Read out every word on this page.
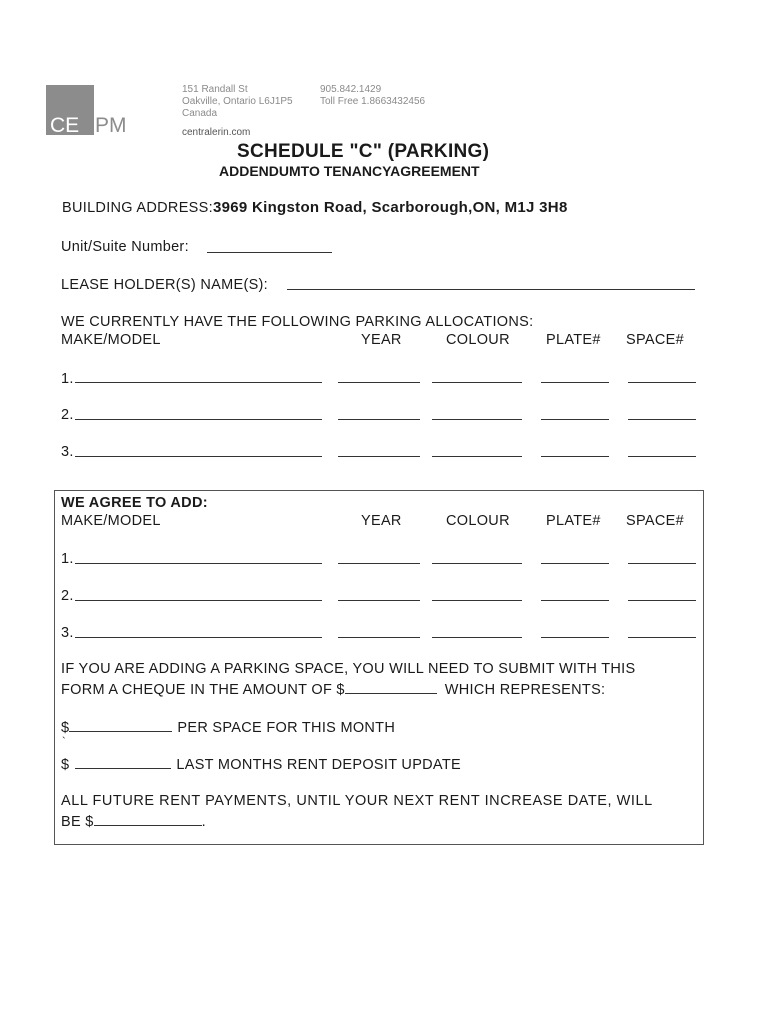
CE PM
151 Randall St
Oakville, Ontario L6J1P5
Canada
905.842.1429
Toll Free 1.8663432456
centralerin.com
SCHEDULE "C" (PARKING)
ADDENDUMTO TENANCYAGREEMENT
BUILDING ADDRESS:3969 Kingston Road, Scarborough,ON, M1J 3H8
Unit/Suite Number:
LEASE HOLDER(S) NAME(S):
WE CURRENTLY HAVE THE FOLLOWING PARKING ALLOCATIONS:
MAKE/MODEL	YEAR	COLOUR PLATE# SPACE#
1.
2.
3.
WE AGREE TO ADD:
MAKE/MODEL	YEAR	COLOUR PLATE# SPACE#
1.
2.
3.
IF YOU ARE ADDING A PARKING SPACE, YOU WILL NEED TO SUBMIT WITH THIS
FORM A CHEQUE IN THE AMOUNT OF $	WHICH REPRESENTS:
$	PER SPACE FOR THIS MONTH
`
$	LAST MONTHS RENT DEPOSIT UPDATE
ALL FUTURE RENT PAYMENTS, UNTIL YOUR NEXT RENT INCREASE DATE, WILL
BE $	.
